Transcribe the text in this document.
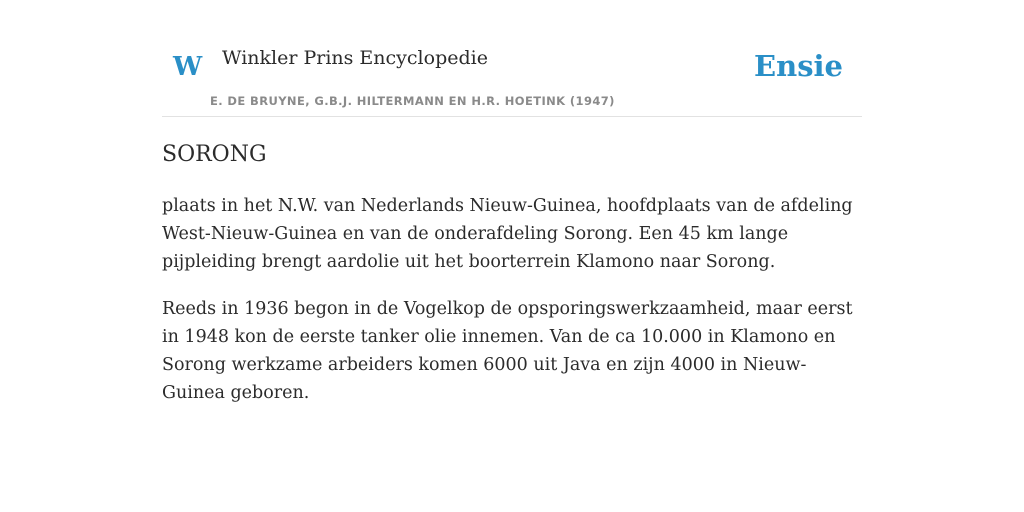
W Winkler Prins Encyclopedie
E. DE BRUYNE, G.B.J. HILTERMANN EN H.R. HOETINK (1947)
Ensie
SORONG

plaats in het N.W. van Nederlands Nieuw-Guinea, hoofdplaats van de afdeling West-Nieuw-Guinea en van de onderafdeling Sorong. Een 45 km lange pijpleiding brengt aardolie uit het boorterrein Klamono naar Sorong.

Reeds in 1936 begon in de Vogelkop de opsporingswerkzaamheid, maar eerst in 1948 kon de eerste tanker olie innemen. Van de ca 10.000 in Klamono en Sorong werkzame arbeiders komen 6000 uit Java en zijn 4000 in Nieuw-Guinea geboren.
